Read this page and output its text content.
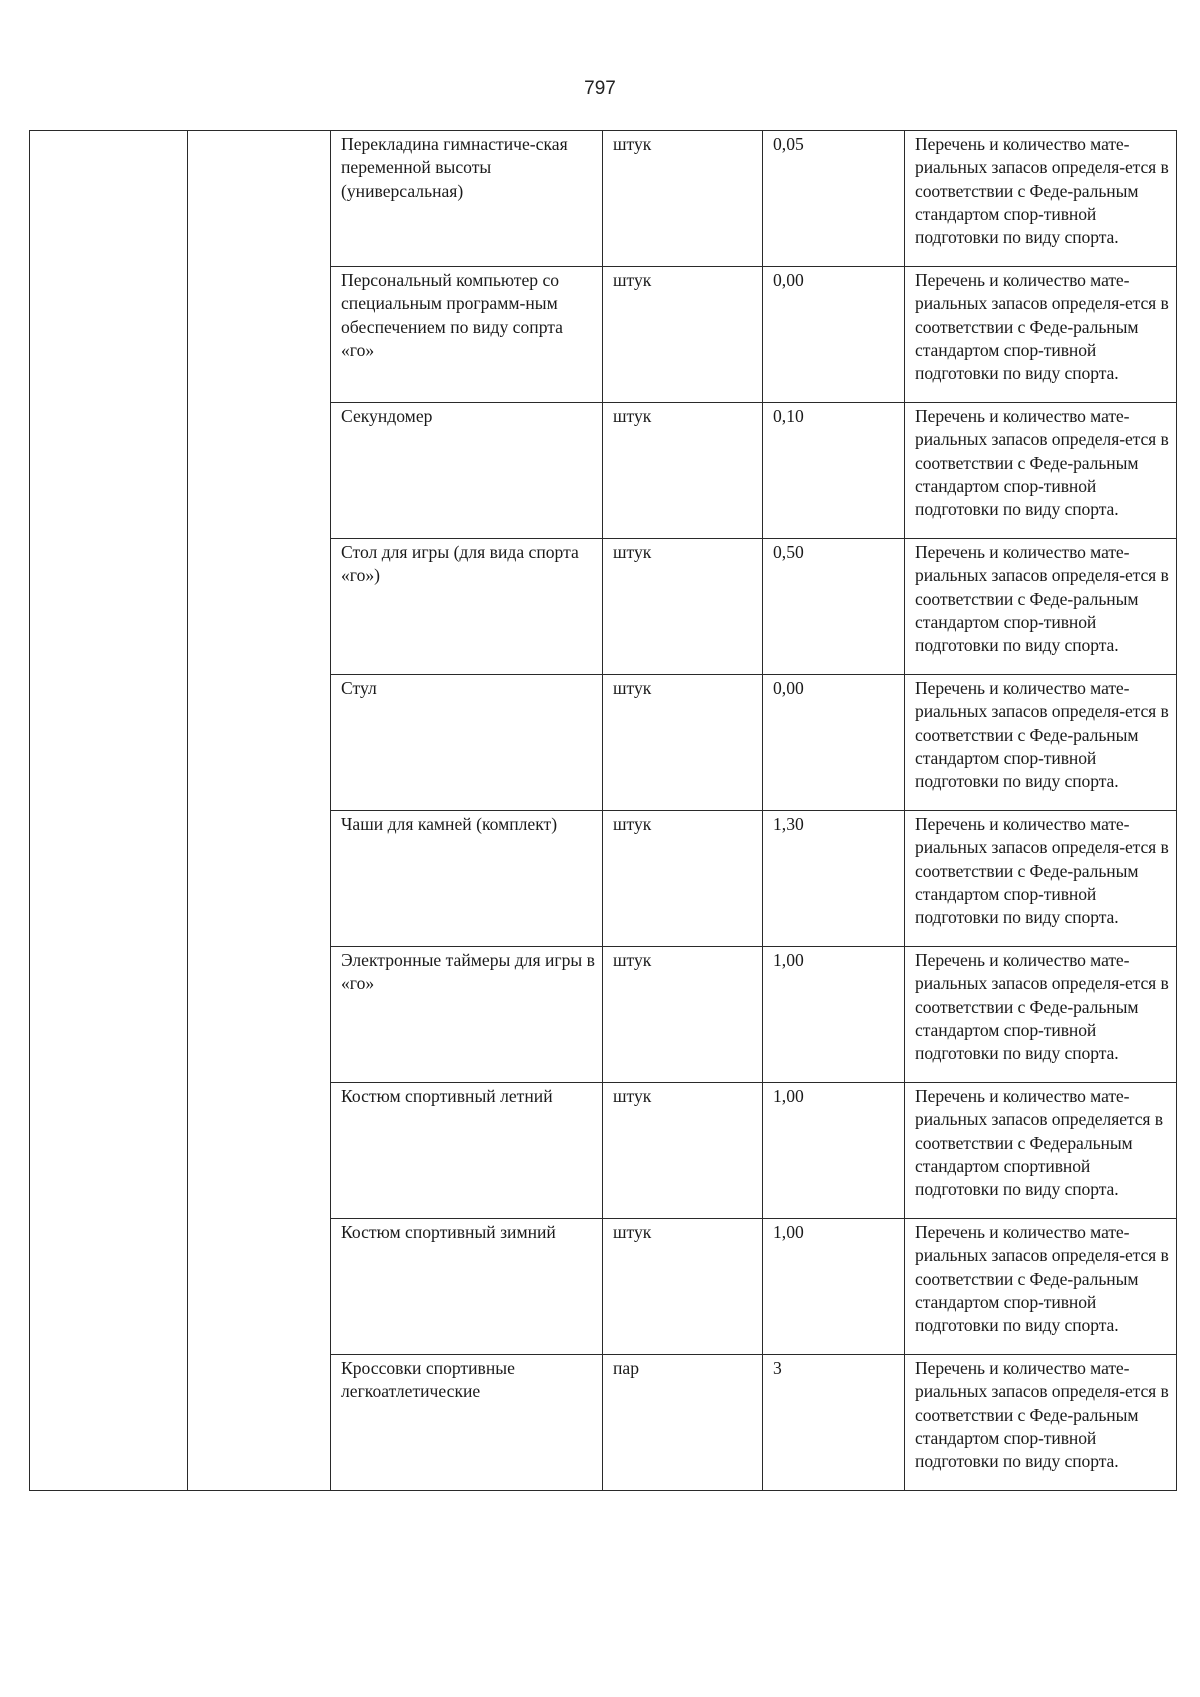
797
		Перекладина гимнастиче-ская переменной высоты (универсальная)	штук	0,05	Перечень и количество мате-риальных запасов определя-ется в соответствии с Феде-ральным стандартом спор-тивной подготовки по виду спорта.
		Персональный компьютер со специальным программ-ным обеспечением по виду сопрта «го»	штук	0,00	Перечень и количество мате-риальных запасов определя-ется в соответствии с Феде-ральным стандартом спор-тивной подготовки по виду спорта.
		Секундомер	штук	0,10	Перечень и количество мате-риальных запасов определя-ется в соответствии с Феде-ральным стандартом спор-тивной подготовки по виду спорта.
		Стол для игры (для вида спорта «го»)	штук	0,50	Перечень и количество мате-риальных запасов определя-ется в соответствии с Феде-ральным стандартом спор-тивной подготовки по виду спорта.
		Стул	штук	0,00	Перечень и количество мате-риальных запасов определя-ется в соответствии с Феде-ральным стандартом спор-тивной подготовки по виду спорта.
		Чаши для камней (комплект)	штук	1,30	Перечень и количество мате-риальных запасов определя-ется в соответствии с Феде-ральным стандартом спор-тивной подготовки по виду спорта.
		Электронные таймеры для игры в «го»	штук	1,00	Перечень и количество мате-риальных запасов определя-ется в соответствии с Феде-ральным стандартом спор-тивной подготовки по виду спорта.
		Костюм спортивный летний	штук	1,00	Перечень и количество мате-риальных запасов определяется в соответствии с Федеральным стандартом спортивной подготовки по виду спорта.
		Костюм спортивный зимний	штук	1,00	Перечень и количество мате-риальных запасов определя-ется в соответствии с Феде-ральным стандартом спор-тивной подготовки по виду спорта.
		Кроссовки спортивные легкоатлетические	пар	3	Перечень и количество мате-риальных запасов определя-ется в соответствии с Феде-ральным стандартом спор-тивной подготовки по виду спорта.
